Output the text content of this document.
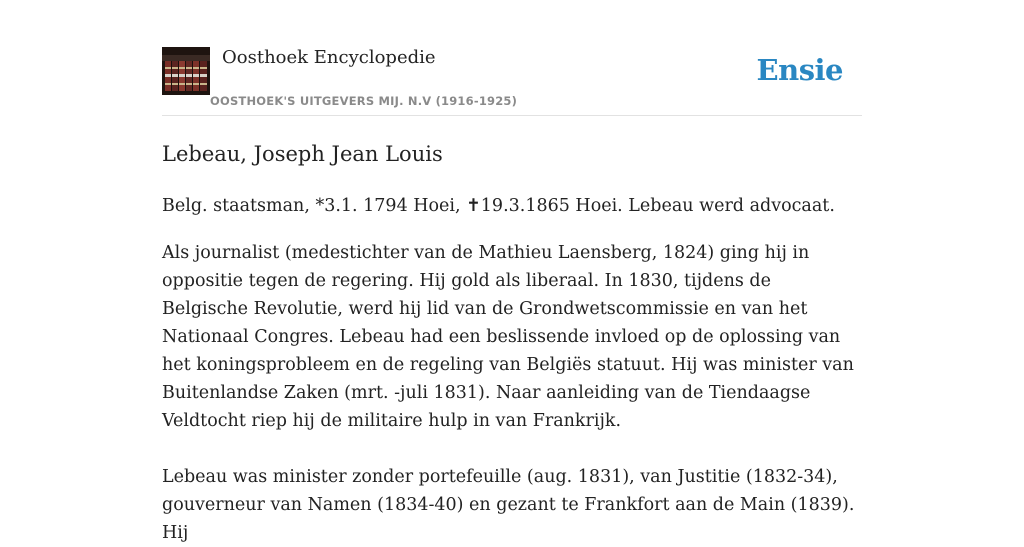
Oosthoek Encyclopedie
OOSTHOEK'S UITGEVERS MIJ. N.V (1916-1925)
Ensie
Lebeau, Joseph Jean Louis

Belg. staatsman, *3.1. 1794 Hoei, ✝19.3.1865 Hoei. Lebeau werd advocaat.

Als journalist (medestichter van de Mathieu Laensberg, 1824) ging hij in oppositie tegen de regering. Hij gold als liberaal. In 1830, tijdens de Belgische Revolutie, werd hij lid van de Grondwetscommissie en van het Nationaal Congres. Lebeau had een beslissende invloed op de oplossing van het koningsprobleem en de regeling van Belgiës statuut. Hij was minister van Buitenlandse Zaken (mrt. -juli 1831). Naar aanleiding van de Tiendaagse Veldtocht riep hij de militaire hulp in van Frankrijk.

Lebeau was minister zonder portefeuille (aug. 1831), van Justitie (1832-34), gouverneur van Namen (1834-40) en gezant te Frankfort aan de Main (1839). Hij
